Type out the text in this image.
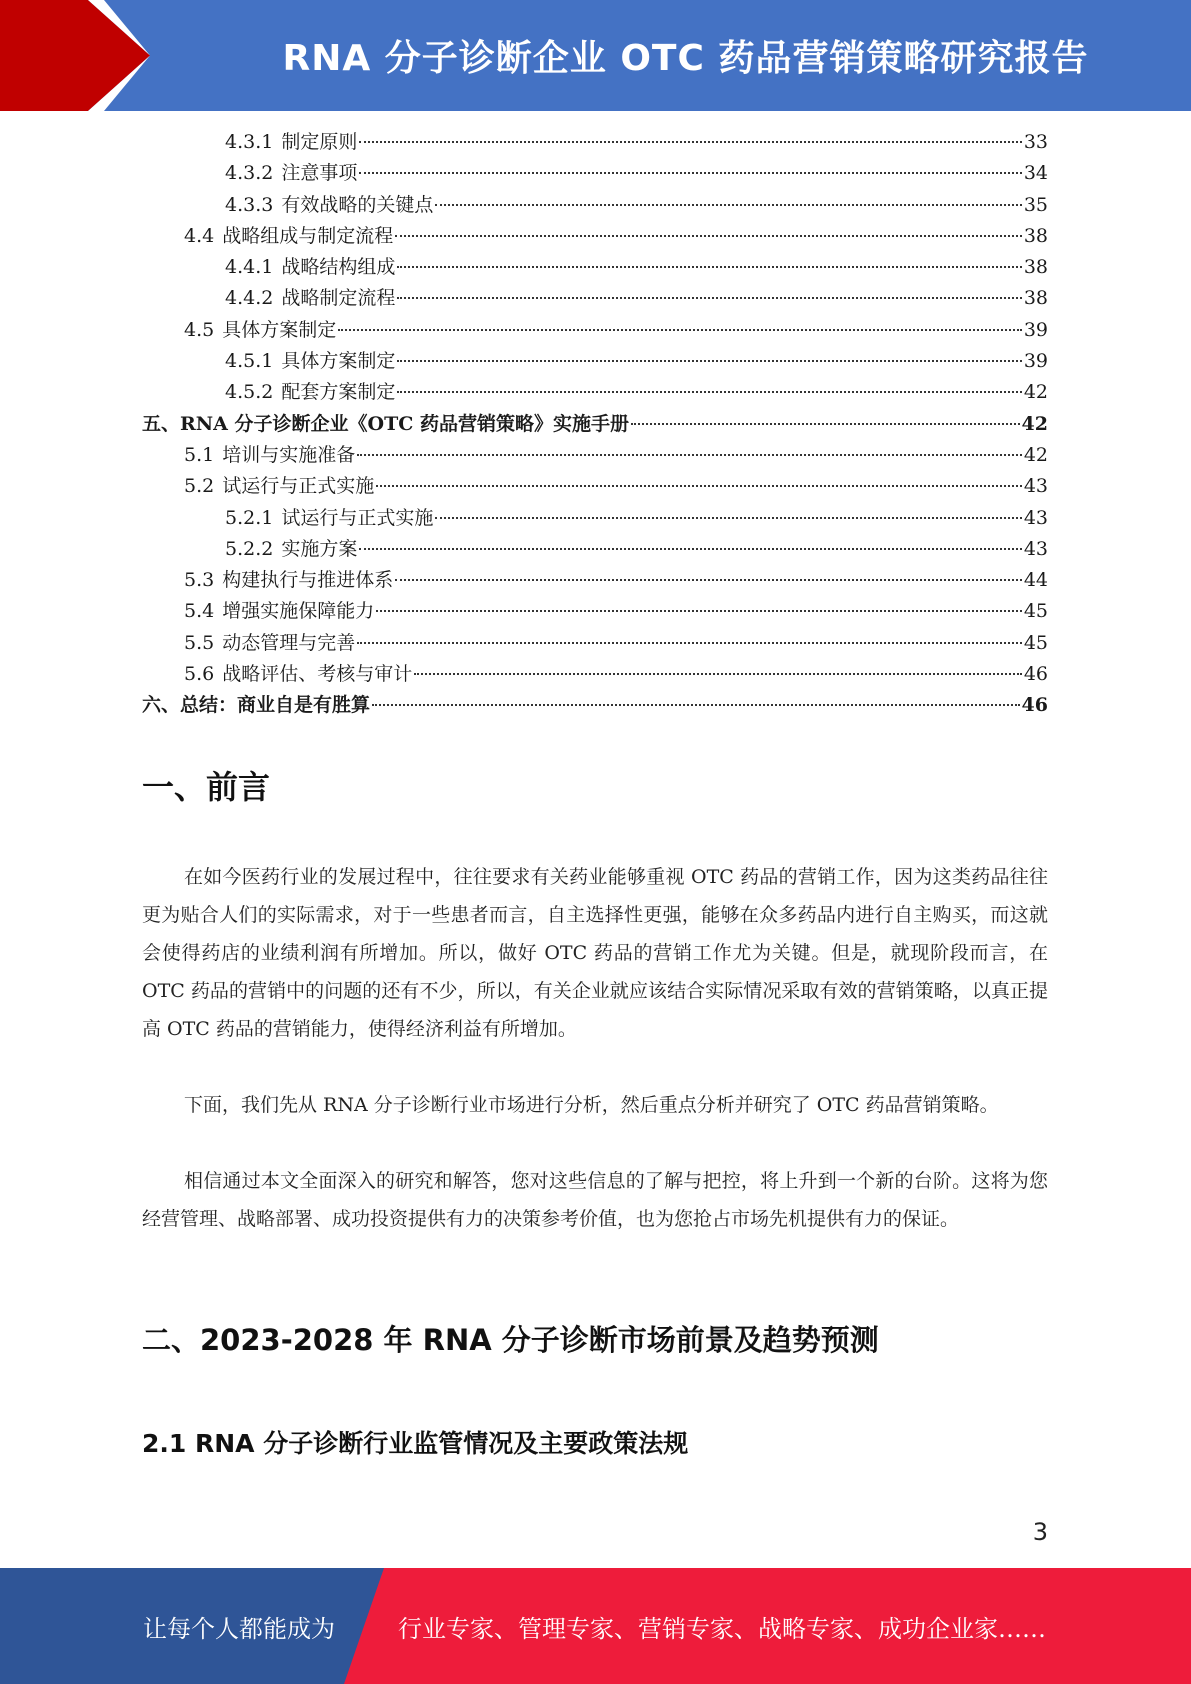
RNA 分子诊断企业 OTC 药品营销策略研究报告
4.3.1 制定原则	33
4.3.2 注意事项	34
4.3.3 有效战略的关键点	35
4.4 战略组成与制定流程	38
4.4.1 战略结构组成	38
4.4.2 战略制定流程	38
4.5 具体方案制定	39
4.5.1 具体方案制定	39
4.5.2 配套方案制定	42
五、 RNA 分子诊断企业《OTC 药品营销策略》实施手册	42
5.1 培训与实施准备	42
5.2 试运行与正式实施	43
5.2.1 试运行与正式实施	43
5.2.2 实施方案	43
5.3 构建执行与推进体系	44
5.4 增强实施保障能力	45
5.5 动态管理与完善	45
5.6 战略评估、考核与审计	46
六、 总结：商业自是有胜算	46
一、前言

在如今医药行业的发展过程中，往往要求有关药业能够重视 OTC 药品的营销工作，因为这类药品往往更为贴合人们的实际需求，对于一些患者而言，自主选择性更强，能够在众多药品内进行自主购买，而这就会使得药店的业绩利润有所增加。所以，做好 OTC 药品的营销工作尤为关键。但是，就现阶段而言，在 OTC 药品的营销中的问题的还有不少，所以，有关企业就应该结合实际情况采取有效的营销策略，以真正提高 OTC 药品的营销能力，使得经济利益有所增加。

下面，我们先从 RNA 分子诊断行业市场进行分析，然后重点分析并研究了 OTC 药品营销策略。

相信通过本文全面深入的研究和解答，您对这些信息的了解与把控，将上升到一个新的台阶。这将为您经营管理、战略部署、成功投资提供有力的决策参考价值，也为您抢占市场先机提供有力的保证。

二、2023-2028 年 RNA 分子诊断市场前景及趋势预测
2.1 RNA 分子诊断行业监管情况及主要政策法规
3
让每个人都能成为	行业专家、管理专家、营销专家、战略专家、成功企业家……
